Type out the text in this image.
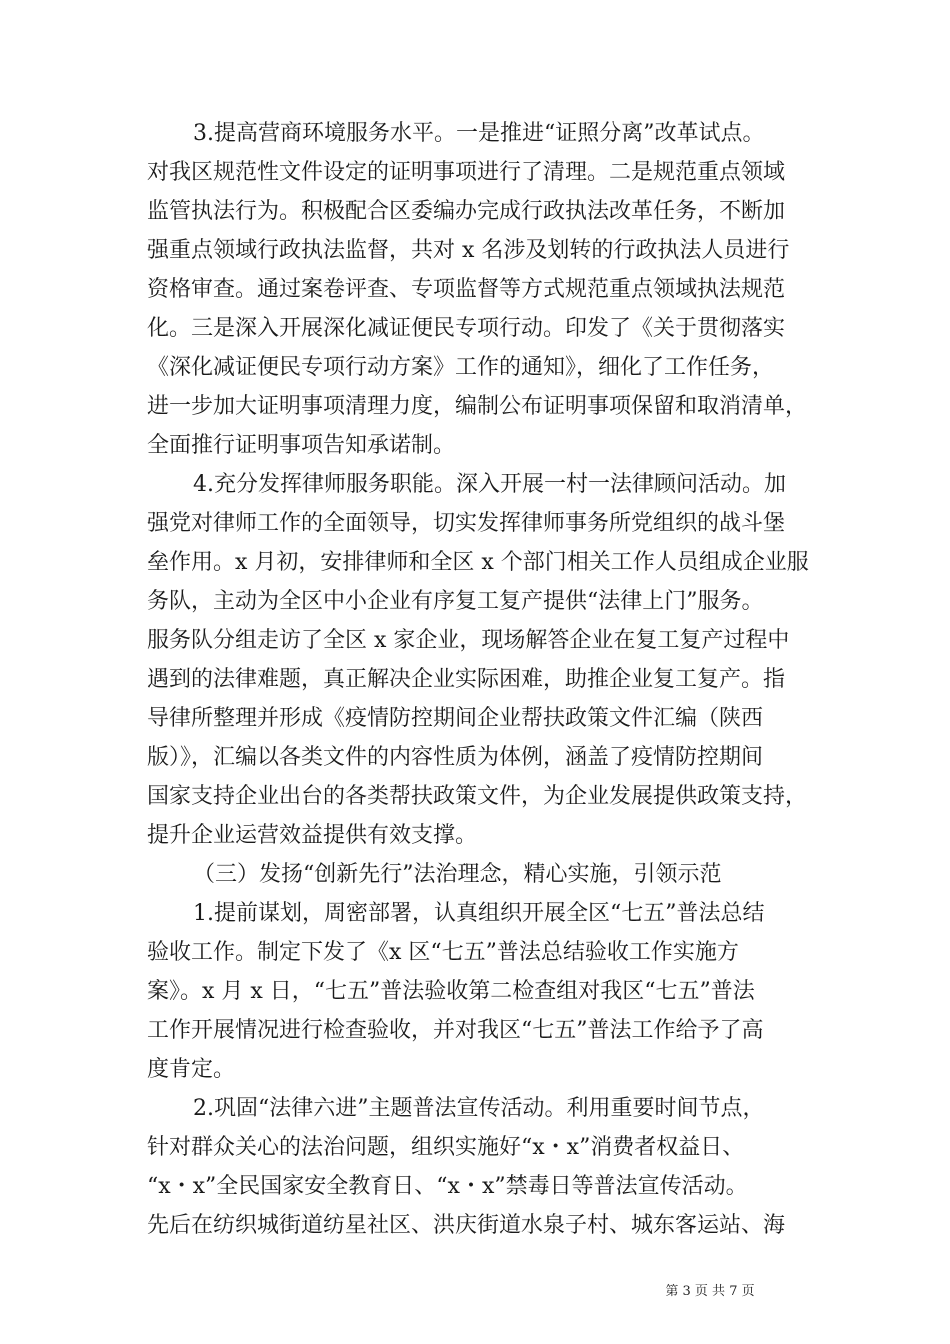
3.提高营商环境服务水平。一是推进“证照分离”改革试点。
对我区规范性文件设定的证明事项进行了清理。二是规范重点领域
监管执法行为。积极配合区委编办完成行政执法改革任务，不断加
强重点领域行政执法监督，共对 x 名涉及划转的行政执法人员进行
资格审查。通过案卷评查、专项监督等方式规范重点领域执法规范
化。三是深入开展深化减证便民专项行动。印发了《关于贯彻落实
《深化减证便民专项行动方案》工作的通知》，细化了工作任务，
进一步加大证明事项清理力度，编制公布证明事项保留和取消清单，
全面推行证明事项告知承诺制。
4.充分发挥律师服务职能。深入开展一村一法律顾问活动。加
强党对律师工作的全面领导，切实发挥律师事务所党组织的战斗堡
垒作用。x 月初，安排律师和全区 x 个部门相关工作人员组成企业服
务队，主动为全区中小企业有序复工复产提供“法律上门”服务。
服务队分组走访了全区 x 家企业，现场解答企业在复工复产过程中
遇到的法律难题，真正解决企业实际困难，助推企业复工复产。指
导律所整理并形成《疫情防控期间企业帮扶政策文件汇编（陕西
版）》，汇编以各类文件的内容性质为体例，涵盖了疫情防控期间
国家支持企业出台的各类帮扶政策文件，为企业发展提供政策支持，
提升企业运营效益提供有效支撑。
（三）发扬“创新先行”法治理念，精心实施，引领示范
1.提前谋划，周密部署，认真组织开展全区“七五”普法总结
验收工作。制定下发了《x 区“七五”普法总结验收工作实施方
案》。x 月 x 日，“七五”普法验收第二检查组对我区“七五”普法
工作开展情况进行检查验收，并对我区“七五”普法工作给予了高
度肯定。
2.巩固“法律六进”主题普法宣传活动。利用重要时间节点，
针对群众关心的法治问题，组织实施好“x・x”消费者权益日、
“x・x”全民国家安全教育日、“x・x”禁毒日等普法宣传活动。
先后在纺织城街道纺星社区、洪庆街道水泉子村、城东客运站、海
第 3 页 共 7 页
